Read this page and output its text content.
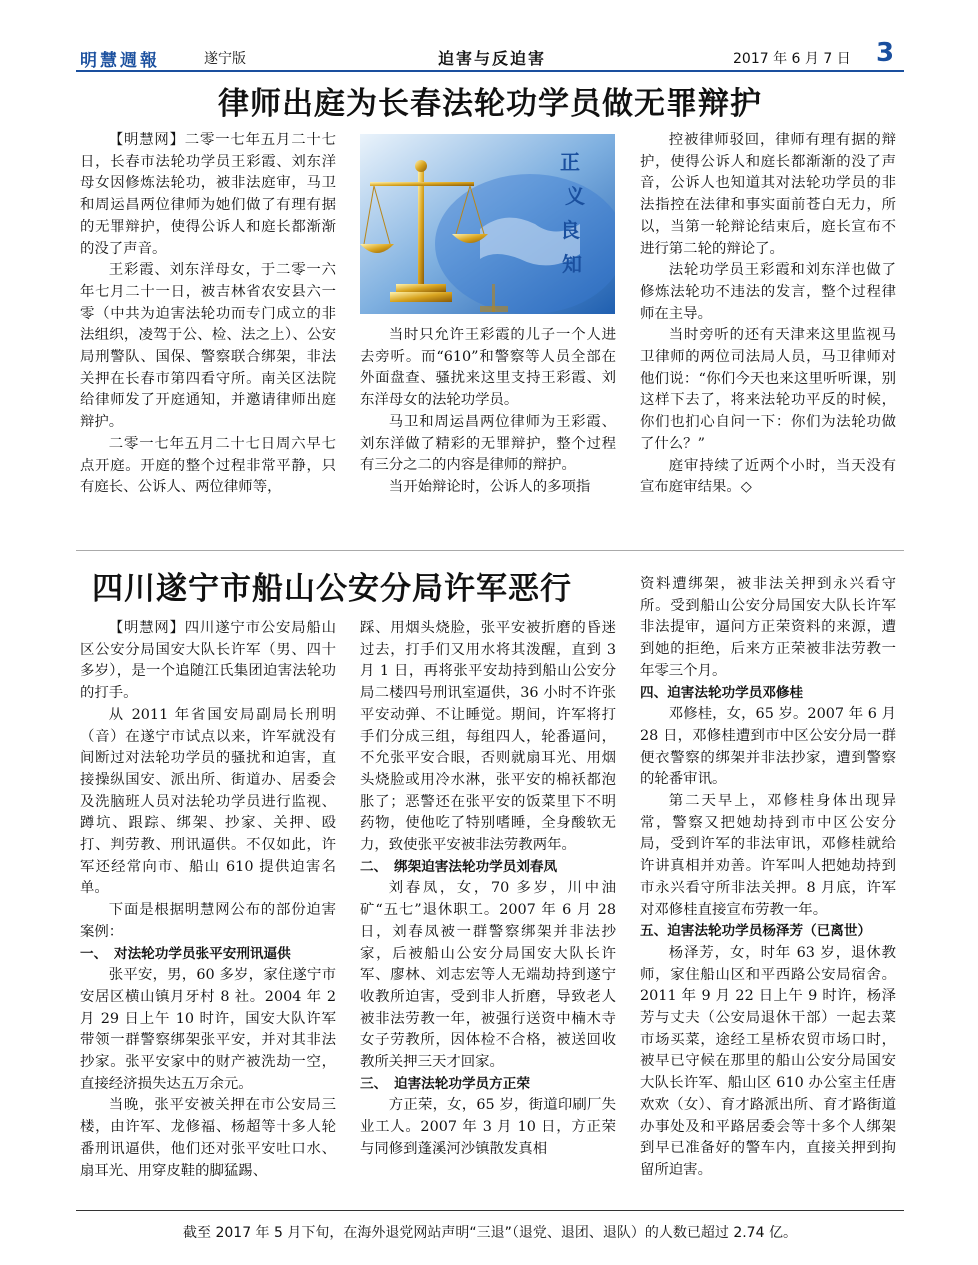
明慧週報	遂宁版	迫害与反迫害	2017 年 6 月 7 日 3
律师出庭为长春法轮功学员做无罪辩护

【明慧网】二零一七年五月二十七日，长春市法轮功学员王彩霞、刘东洋母女因修炼法轮功，被非法庭审，马卫和周运昌两位律师为她们做了有理有据的无罪辩护，使得公诉人和庭长都渐渐的没了声音。

王彩霞、刘东洋母女，于二零一六年七月二十一日，被吉林省农安县六一零（中共为迫害法轮功而专门成立的非法组织，凌驾于公、检、法之上）、公安局刑警队、国保、警察联合绑架，非法关押在长春市第四看守所。南关区法院给律师发了开庭通知，并邀请律师出庭辩护。

二零一七年五月二十七日周六早七点开庭。开庭的整个过程非常平静，只有庭长、公诉人、两位律师等，

正
义
良
知

当时只允许王彩霞的儿子一个人进去旁听。而“610”和警察等人员全部在外面盘查、骚扰来这里支持王彩霞、刘东洋母女的法轮功学员。

马卫和周运昌两位律师为王彩霞、刘东洋做了精彩的无罪辩护，整个过程有三分之二的内容是律师的辩护。

当开始辩论时，公诉人的多项指

控被律师驳回，律师有理有据的辩护，使得公诉人和庭长都渐渐的没了声音，公诉人也知道其对法轮功学员的非法指控在法律和事实面前苍白无力，所以，当第一轮辩论结束后，庭长宣布不进行第二轮的辩论了。

法轮功学员王彩霞和刘东洋也做了修炼法轮功不违法的发言，整个过程律师在主导。

当时旁听的还有天津来这里监视马卫律师的两位司法局人员，马卫律师对他们说：“你们今天也来这里听听课，别这样下去了，将来法轮功平反的时候，你们也扪心自问一下：你们为法轮功做了什么？”

庭审持续了近两个小时，当天没有宣布庭审结果。◇

四川遂宁市船山公安分局许军恶行

【明慧网】四川遂宁市公安局船山区公安分局国安大队长许军（男、四十多岁），是一个追随江氏集团迫害法轮功的打手。

从 2011 年省国安局副局长刑明（音）在遂宁市试点以来，许军就没有间断过对法轮功学员的骚扰和迫害，直接操纵国安、派出所、街道办、居委会及洗脑班人员对法轮功学员进行监视、蹲坑、跟踪、绑架、抄家、关押、殴打、判劳教、刑讯逼供。不仅如此，许军还经常向市、船山 610 提供迫害名单。

下面是根据明慧网公布的部份迫害案例：

一、　对法轮功学员张平安刑讯逼供

张平安，男，60 多岁，家住遂宁市安居区横山镇月牙村 8 社。2004 年 2 月 29 日上午 10 时许，国安大队许军带领一群警察绑架张平安，并对其非法抄家。张平安家中的财产被洗劫一空，直接经济损失达五万余元。

当晚，张平安被关押在市公安局三楼，由许军、龙修福、杨超等十多人轮番刑讯逼供，他们还对张平安吐口水、扇耳光、用穿皮鞋的脚猛踢、

踩、用烟头烧脸，张平安被折磨的昏迷过去，打手们又用水将其泼醒，直到 3 月 1 日，再将张平安劫持到船山公安分局二楼四号刑讯室逼供，36 小时不许张平安动弹、不让睡觉。期间，许军将打手们分成三组，每组四人，轮番逼问，不允张平安合眼，否则就扇耳光、用烟头烧脸或用冷水淋，张平安的棉袄都泡胀了；恶警还在张平安的饭菜里下不明药物，使他吃了特别嗜睡，全身酸软无力，致使张平安被非法劳教两年。

二、　绑架迫害法轮功学员刘春凤

刘春凤，女，70 多岁，川中油矿“五七”退休职工。2007 年 6 月 28 日，刘春凤被一群警察绑架并非法抄家，后被船山公安分局国安大队长许军、廖林、刘志宏等人无端劫持到遂宁收教所迫害，受到非人折磨，导致老人被非法劳教一年，被强行送资中楠木寺女子劳教所，因体检不合格，被送回收教所关押三天才回家。

三、　迫害法轮功学员方正荣

方正荣，女，65 岁，街道印刷厂失业工人。2007 年 3 月 10 日，方正荣与同修到蓬溪河沙镇散发真相

资料遭绑架，被非法关押到永兴看守所。受到船山公安分局国安大队长许军非法提审，逼问方正荣资料的来源，遭到她的拒绝，后来方正荣被非法劳教一年零三个月。

四、迫害法轮功学员邓修桂

邓修桂，女，65 岁。2007 年 6 月 28 日，邓修桂遭到市中区公安分局一群便衣警察的绑架并非法抄家，遭到警察的轮番审讯。

第二天早上，邓修桂身体出现异常，警察又把她劫持到市中区公安分局，受到许军的非法审讯，邓修桂就给许讲真相并劝善。许军叫人把她劫持到市永兴看守所非法关押。8 月底，许军对邓修桂直接宣布劳教一年。

五、迫害法轮功学员杨泽芳（已离世）

杨泽芳，女，时年 63 岁，退休教师，家住船山区和平西路公安局宿舍。2011 年 9 月 22 日上午 9 时许，杨泽芳与丈夫（公安局退休干部）一起去菜市场买菜，途经工星桥农贸市场口时，被早已守候在那里的船山公安分局国安大队长许军、船山区 610 办公室主任唐欢欢（女）、育才路派出所、育才路街道办事处及和平路居委会等十多个人绑架到早已准备好的警车内，直接关押到拘留所迫害。

截至 2017 年 5 月下旬，在海外退党网站声明“三退”（退党、退团、退队）的人数已超过 2.74 亿。
